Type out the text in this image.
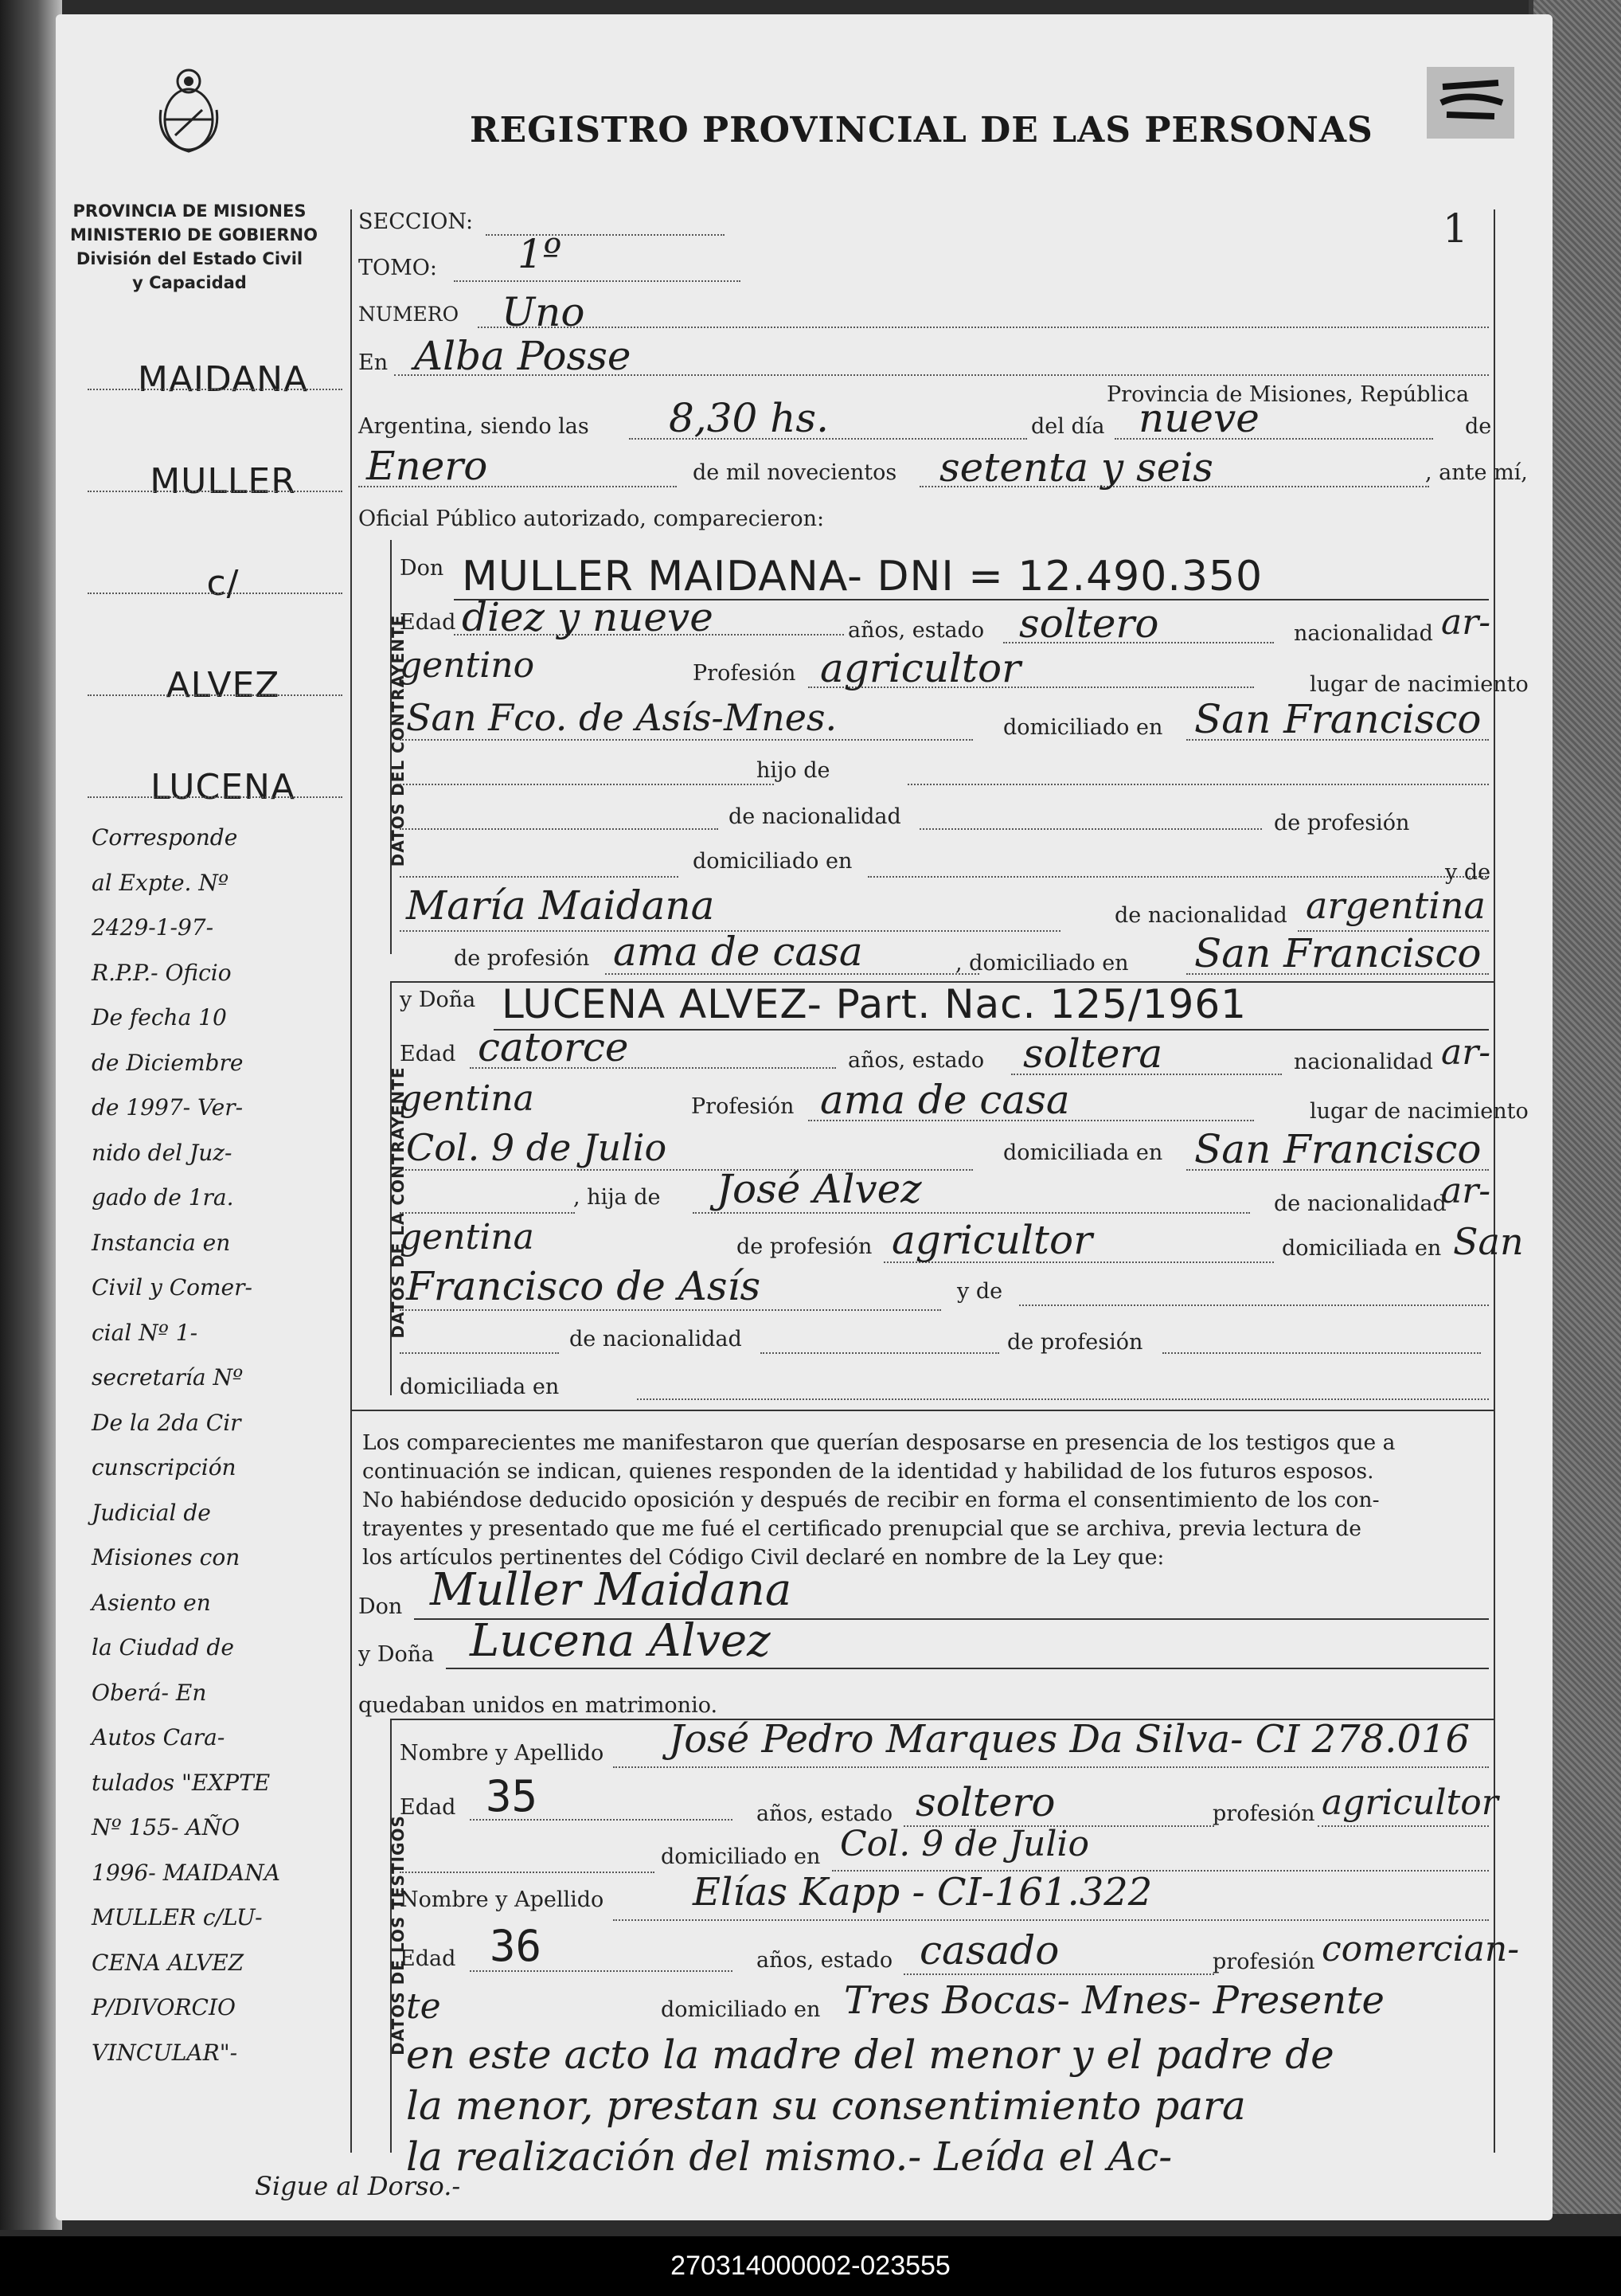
PROVINCIA DE MISIONES
MINISTERIO DE GOBIERNO
División del Estado Civil
y Capacidad
REGISTRO PROVINCIAL DE LAS PERSONAS
1
SECCION:
TOMO: 1º
NUMERO Uno
En Alba Posse
Provincia de Misiones, República
Argentina, siendo las 8,30 hs.	del día nueve	de
Enero	de mil novecientos setenta y seis	, ante mí,
Oficial Público autorizado, comparecieron:
DATOS DEL CONTRAYENTE
Don MULLER MAIDANA- DNI = 12.490.350
Edad diez y nueve	años, estado soltero	nacionalidad ar-
gentino	Profesión agricultor	lugar de nacimiento
San Fco. de Asís-Mnes.	domiciliado en San Francisco
hijo de
de nacionalidad	de profesión
domiciliado en	y de
María Maidana	de nacionalidad argentina
de profesión ama de casa	, domiciliado en San Francisco
DATOS DE LA CONTRAYENTE
y Doña LUCENA ALVEZ- Part. Nac. 125/1961
Edad catorce	años, estado soltera	nacionalidad ar-
gentina	Profesión ama de casa	lugar de nacimiento
Col. 9 de Julio	domiciliada en San Francisco
, hija de José Alvez	de nacionalidad
ar-
gentina	de profesión agricultor	domiciliada en San
Francisco de Asís	y de
de nacionalidad	de profesión
domiciliada en
Los comparecientes me manifestaron que querían desposarse en presencia de los testigos que a
continuación se indican, quienes responden de la identidad y habilidad de los futuros esposos.
No habiéndose deducido oposición y después de recibir en forma el consentimiento de los con-
trayentes y presentado que me fué el certificado prenupcial que se archiva, previa lectura de
los artículos pertinentes del Código Civil declaré en nombre de la Ley que:
Don Muller Maidana
y Doña Lucena Alvez
quedaban unidos en matrimonio.
DATOS DE LOS TESTIGOS
Nombre y Apellido José Pedro Marques Da Silva- CI 278.016
Edad 35	años, estado soltero	profesión agricultor
domiciliado en Col. 9 de Julio
Nombre y Apellido Elías Kapp - CI-161.322
Edad 36	años, estado casado	profesión comercian-
te	domiciliado en Tres Bocas- Mnes- Presente
en este acto la madre del menor y el padre de
la menor, prestan su consentimiento para
la realización del mismo.- Leída el Ac-
MAIDANA
MULLER
c/
ALVEZ
LUCENA
Corresponde
al Expte. Nº
2429-1-97-
R.P.P.- Oficio
De fecha 10
de Diciembre
de 1997- Ver-
nido del Juz-
gado de 1ra.
Instancia en
Civil y Comer-
cial Nº 1-
secretaría Nº
De la 2da Cir
cunscripción
Judicial de
Misiones con
Asiento en
la Ciudad de
Oberá- En
Autos Cara-
tulados "EXPTE
Nº 155- AÑO
1996- MAIDANA
MULLER c/LU-
CENA ALVEZ
P/DIVORCIO
VINCULAR"-
Sigue al Dorso.-
270314000002-023555
